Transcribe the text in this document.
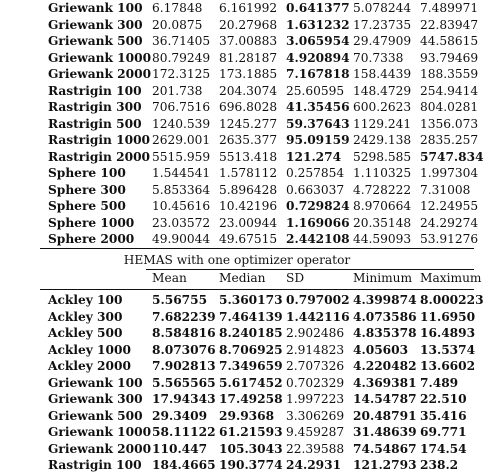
Griewank 100 6.17848 6.161992 0.641377 5.078244 7.489971
Griewank 300 20.0875 20.27968 1.631232 17.23735 22.83947
Griewank 500 36.71405 37.00883 3.065954 29.47909 44.58615
Griewank 1000 80.79249 81.28187 4.920894 70.7338 93.79469
Griewank 2000 172.3125 173.1885 7.167818 158.4439 188.3559
Rastrigin 100 201.738 204.3074 25.60595 148.4729 254.9414
Rastrigin 300 706.7516 696.8028 41.35456 600.2623 804.0281
Rastrigin 500 1240.539 1245.277 59.37643 1129.241 1356.073
Rastrigin 1000 2629.001 2635.377 95.09159 2429.138 2835.257
Rastrigin 2000 5515.959 5513.418 121.274 5298.585 5747.834
Sphere 100 1.544541 1.578112 0.257854 1.110325 1.997304
Sphere 300 5.853364 5.896428 0.663037 4.728222 7.31008
Sphere 500 10.45616 10.42196 0.729824 8.970664 12.24955
Sphere 1000 23.03572 23.00944 1.169066 20.35148 24.29274
Sphere 2000 49.90044 49.67515 2.442108 44.59093 53.91276
HEMAS with one optimizer operator
Mean	Median SD	Minimum Maximum
Ackley 100 5.56755 5.360173 0.797002 4.399874 8.000223
Ackley 300 7.682239 7.464139 1.442116 4.073586 11.6950
Ackley 500 8.584816 8.240185 2.902486 4.835378 16.4893
Ackley 1000 8.073076 8.706925 2.914823 4.05603 13.5374
Ackley 2000 7.902813 7.349659 2.707326 4.220482 13.6602
Griewank 100 5.565565 5.617452 0.702329 4.369381 7.489
Griewank 300 17.94343 17.49258 1.997223 14.54787 22.510
Griewank 500 29.3409 29.9368 3.306269 20.48791 35.416
Griewank 1000 58.11122 61.21593 9.459287 31.48639 69.771
Griewank 2000 110.447 105.3043 22.39588 74.54867 174.54
Rastrigin 100 184.4665 190.3774 24.2931 121.2793 238.2
